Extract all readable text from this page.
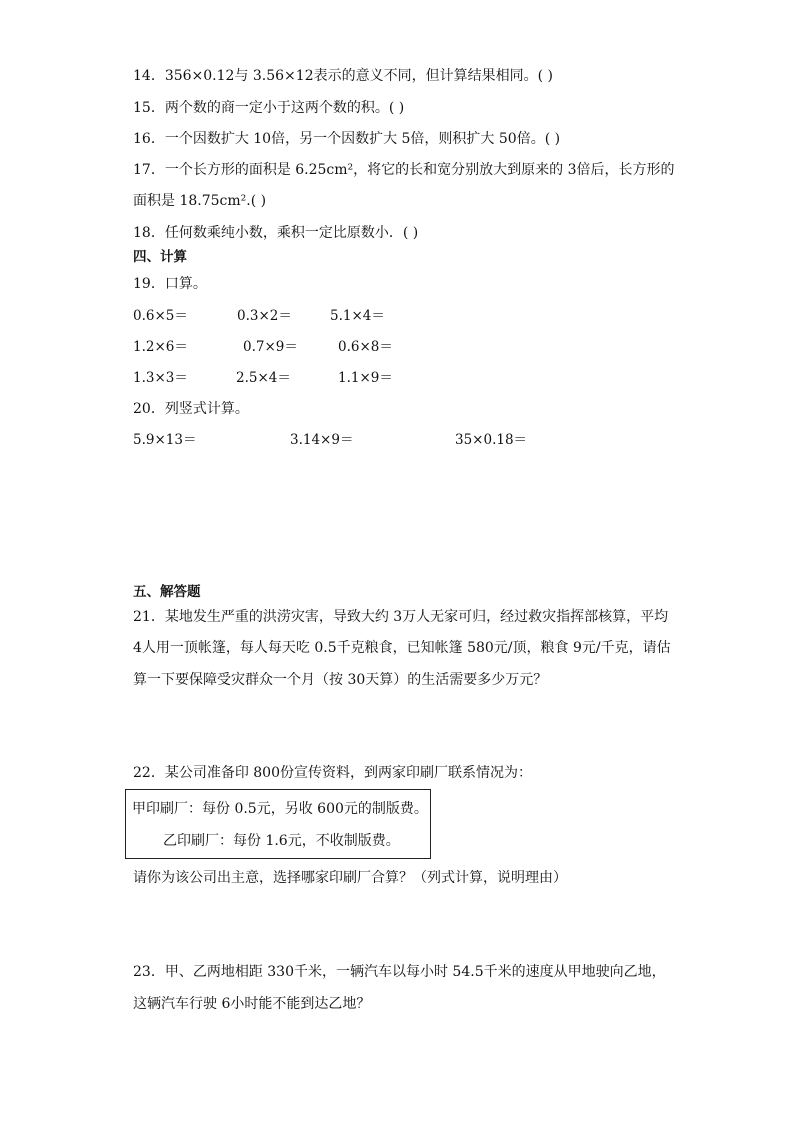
14．356×0.12与 3.56×12表示的意义不同，但计算结果相同。( )
15．两个数的商一定小于这两个数的积。( )
16．一个因数扩大 10倍，另一个因数扩大 5倍，则积扩大 50倍。( )
17．一个长方形的面积是 6.25cm²，将它的长和宽分别放大到原来的 3倍后，长方形的
面积是 18.75cm².( )
18．任何数乘纯小数，乘积一定比原数小．( )
四、计算
19．口算。
0.6×5＝	0.3×2＝	5.1×4＝
1.2×6＝	0.7×9＝	0.6×8＝
1.3×3＝	2.5×4＝	1.1×9＝
20．列竖式计算。
5.9×13＝	3.14×9＝	35×0.18＝
五、解答题
21．某地发生严重的洪涝灾害，导致大约 3万人无家可归，经过救灾指挥部核算，平均
4人用一顶帐篷，每人每天吃 0.5千克粮食，已知帐篷 580元/顶，粮食 9元/千克，请估
算一下要保障受灾群众一个月（按 30天算）的生活需要多少万元？
22．某公司准备印 800份宣传资料，到两家印刷厂联系情况为：
甲印刷厂：每份 0.5元，另收 600元的制版费。
乙印刷厂：每份 1.6元，不收制版费。
请你为该公司出主意，选择哪家印刷厂合算？（列式计算，说明理由）
23．甲、乙两地相距 330千米，一辆汽车以每小时 54.5千米的速度从甲地驶向乙地，
这辆汽车行驶 6小时能不能到达乙地？
